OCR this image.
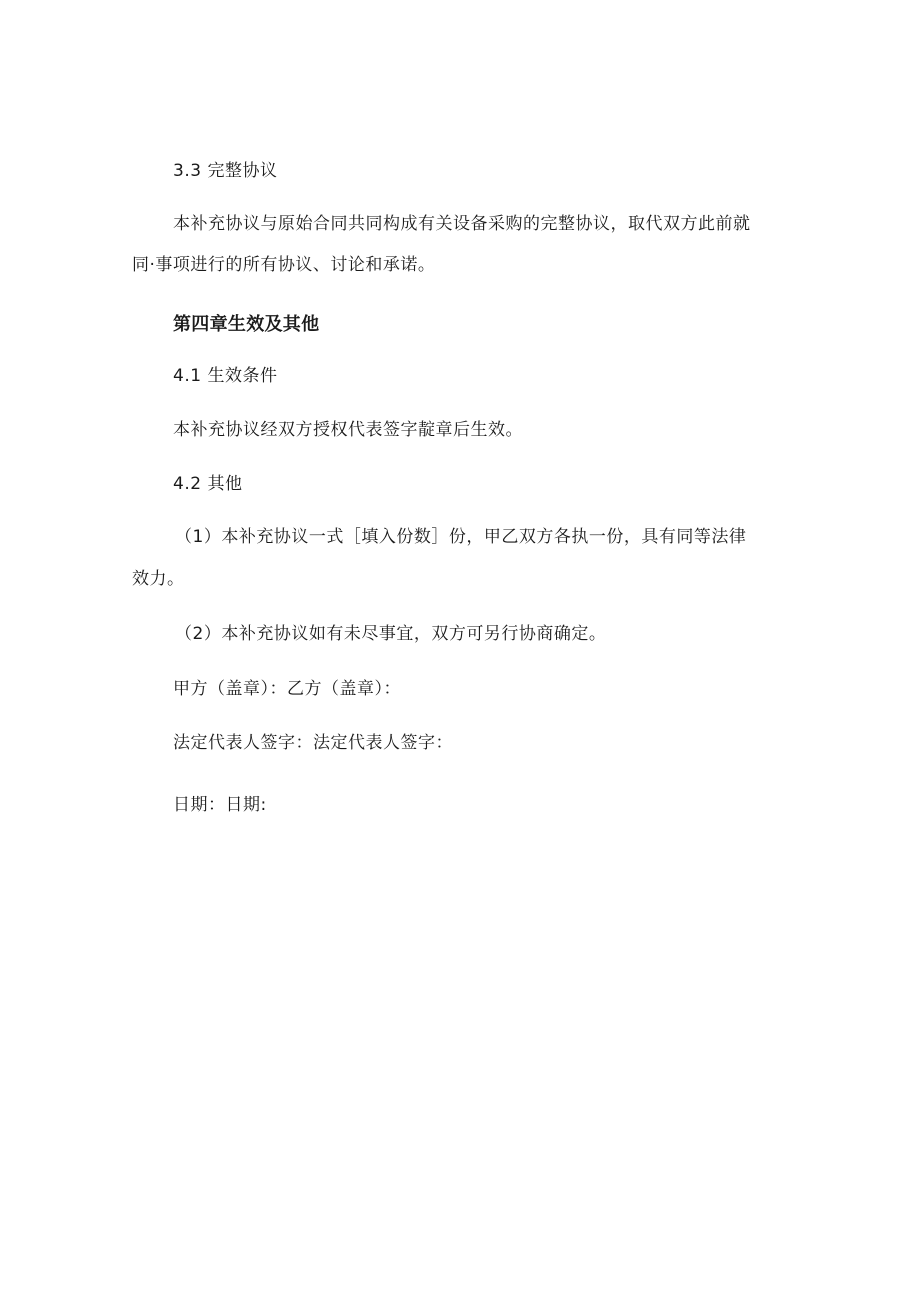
3.3 完整协议
本补充协议与原始合同共同构成有关设备采购的完整协议，取代双方此前就
同·事项进行的所有协议、讨论和承诺。
第四章生效及其他
4.1 生效条件
本补充协议经双方授权代表签字靛章后生效。
4.2 其他
（1）本补充协议一式［填入份数］份，甲乙双方各执一份，具有同等法律
效力。
（2）本补充协议如有未尽事宜，双方可另行协商确定。
甲方（盖章）：乙方（盖章）：
法定代表人签字：法定代表人签字：
日期：日期:
